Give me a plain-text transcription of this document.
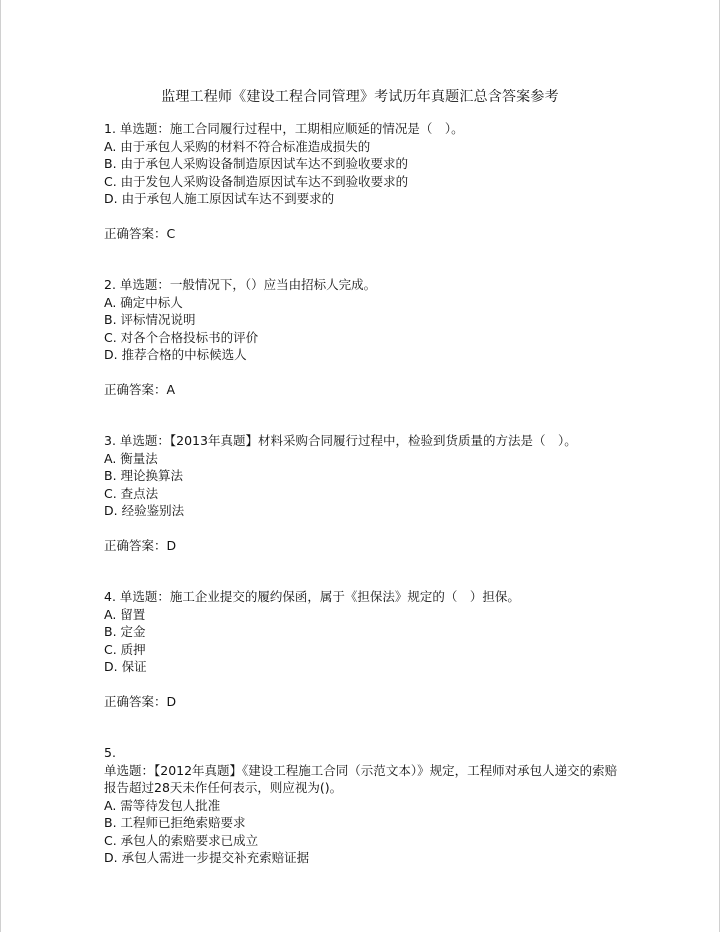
监理工程师《建设工程合同管理》考试历年真题汇总含答案参考
1. 单选题：施工合同履行过程中，工期相应顺延的情况是（　）。
A. 由于承包人采购的材料不符合标准造成损失的
B. 由于承包人采购设备制造原因试车达不到验收要求的
C. 由于发包人采购设备制造原因试车达不到验收要求的
D. 由于承包人施工原因试车达不到要求的
正确答案：C
2. 单选题：一般情况下，（）应当由招标人完成。
A. 确定中标人
B. 评标情况说明
C. 对各个合格投标书的评价
D. 推荐合格的中标候选人
正确答案：A
3. 单选题：【2013年真题】材料采购合同履行过程中，检验到货质量的方法是（　）。
A. 衡量法
B. 理论换算法
C. 查点法
D. 经验鉴别法
正确答案：D
4. 单选题：施工企业提交的履约保函，属于《担保法》规定的（　）担保。
A. 留置
B. 定金
C. 质押
D. 保证
正确答案：D
5.
单选题：【2012年真题】《建设工程施工合同（示范文本）》规定，工程师对承包人递交的索赔报告超过28天未作任何表示，则应视为()。
A. 需等待发包人批准
B. 工程师已拒绝索赔要求
C. 承包人的索赔要求已成立
D. 承包人需进一步提交补充索赔证据
